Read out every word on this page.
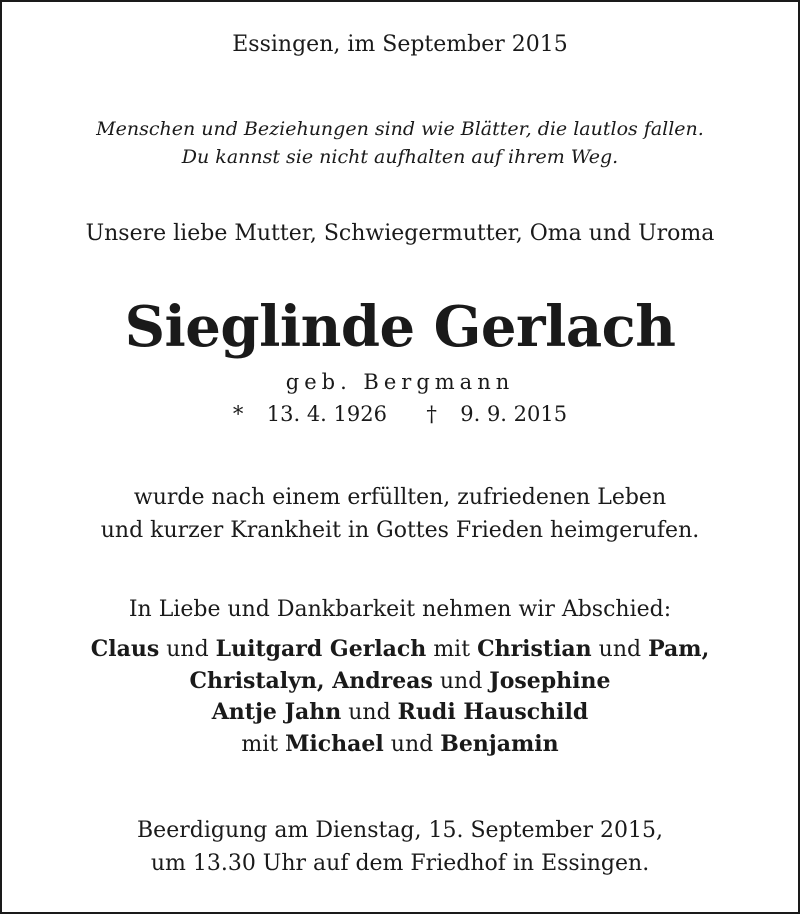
Essingen, im September 2015
Menschen und Beziehungen sind wie Blätter, die lautlos fallen.
Du kannst sie nicht aufhalten auf ihrem Weg.
Unsere liebe Mutter, Schwiegermutter, Oma und Uroma
Sieglinde Gerlach
geb. Bergmann
* 13. 4. 1926 † 9. 9. 2015
wurde nach einem erfüllten, zufriedenen Leben
und kurzer Krankheit in Gottes Frieden heimgerufen.
In Liebe und Dankbarkeit nehmen wir Abschied:
Claus und Luitgard Gerlach mit Christian und Pam,
Christalyn, Andreas und Josephine
Antje Jahn und Rudi Hauschild
mit Michael und Benjamin
Beerdigung am Dienstag, 15. September 2015,
um 13.30 Uhr auf dem Friedhof in Essingen.
